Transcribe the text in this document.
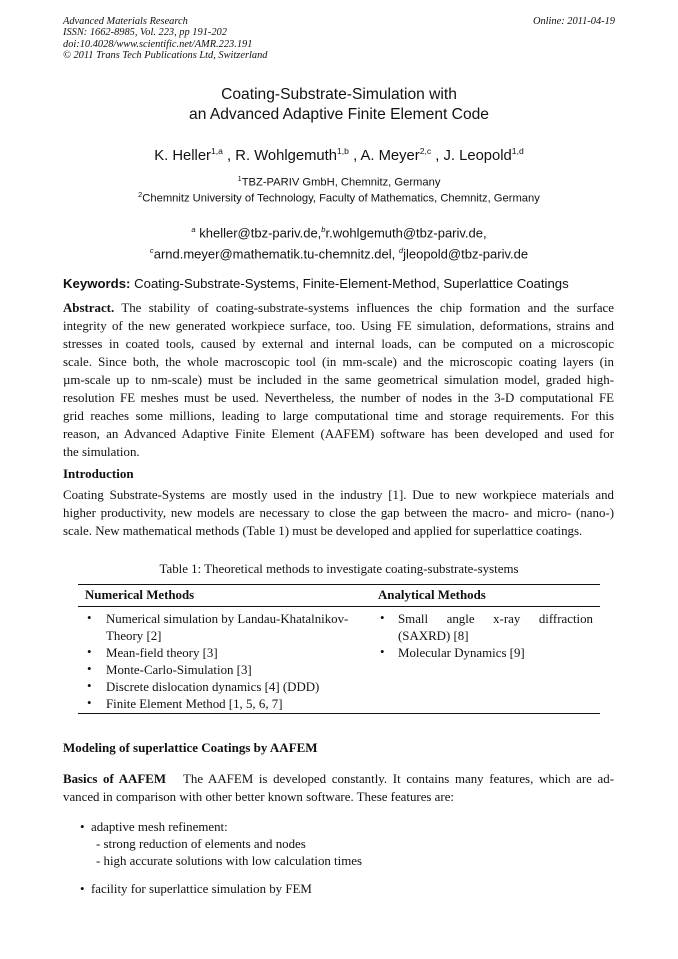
Advanced Materials Research
ISSN: 1662-8985, Vol. 223, pp 191-202
doi:10.4028/www.scientific.net/AMR.223.191
© 2011 Trans Tech Publications Ltd, Switzerland
Online: 2011-04-19
Coating-Substrate-Simulation with
an Advanced Adaptive Finite Element Code
K. Heller$^{1,a}$ , R. Wohlgemuth$^{1,b}$ , A. Meyer$^{2,c}$ , J. Leopold$^{1,d}$
$^1$TBZ-PARIV GmbH, Chemnitz, Germany
$^2$Chemnitz University of Technology, Faculty of Mathematics, Chemnitz, Germany
$^a$ kheller@tbz-pariv.de,$^b$r.wohlgemuth@tbz-pariv.de,
$^c$arnd.meyer@mathematik.tu-chemnitz.del, $^d$jleopold@tbz-pariv.de
Keywords: Coating-Substrate-Systems, Finite-Element-Method, Superlattice Coatings
Abstract. The stability of coating-substrate-systems influences the chip formation and the surface
integrity of the new generated workpiece surface, too. Using FE simulation, deformations, strains and
stresses in coated tools, caused by external and internal loads, can be computed on a microscopic
scale. Since both, the whole macroscopic tool (in mm-scale) and the microscopic coating layers (in
µm-scale up to nm-scale) must be included in the same geometrical simulation model, graded high-
resolution FE meshes must be used. Nevertheless, the number of nodes in the 3-D computational FE
grid reaches some millions, leading to large computational time and storage requirements. For this
reason, an Advanced Adaptive Finite Element (AAFEM) software has been developed and used for
the simulation.
Introduction
Coating Substrate-Systems are mostly used in the industry [1]. Due to new workpiece materials and
higher productivity, new models are necessary to close the gap between the macro- and micro- (nano-)
scale. New mathematical methods (Table 1) must be developed and applied for superlattice coatings.
Table 1: Theoretical methods to investigate coating-substrate-systems
Numerical Methods	Analytical Methods
• Numerical simulation by Landau-Khatalnikov-
Theory [2]
• Mean-field theory [3]
• Monte-Carlo-Simulation [3]
• Discrete dislocation dynamics [4] (DDD)
• Finite Element Method [1, 5, 6, 7]
• Small angle x-ray diffraction
(SAXRD) [8]
• Molecular Dynamics [9]
Modeling of superlattice Coatings by AAFEM
Basics of AAFEM The AAFEM is developed constantly. It contains many features, which are ad-
vanced in comparison with other better known software. These features are:
• adaptive mesh refinement:
- strong reduction of elements and nodes
- high accurate solutions with low calculation times
• facility for superlattice simulation by FEM
